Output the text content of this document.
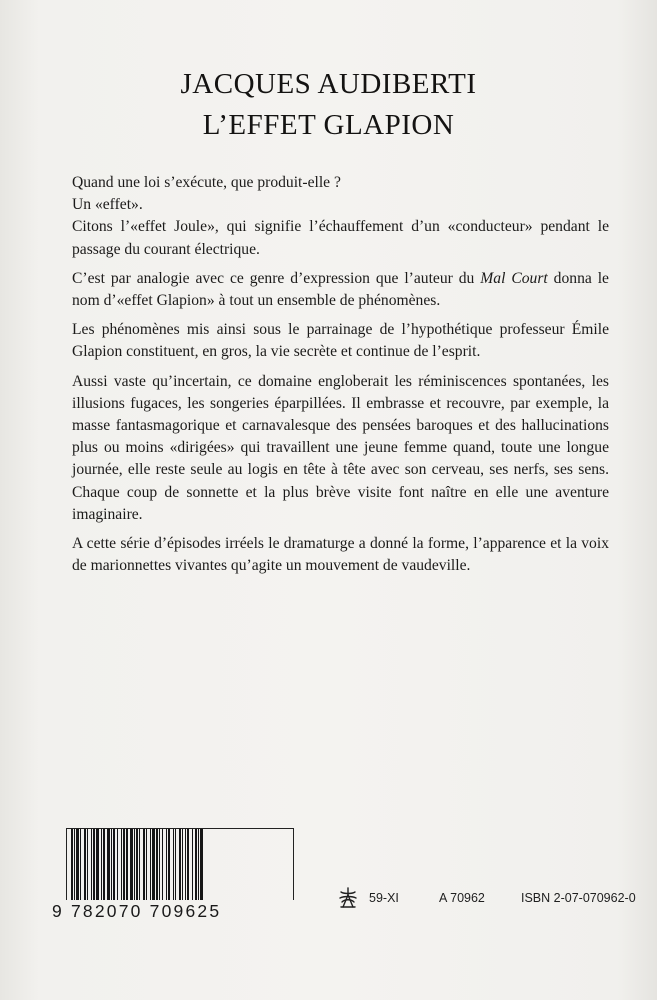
JACQUES AUDIBERTI
L’EFFET GLAPION

Quand une loi s’exécute, que produit-elle ?

Un «effet».

Citons l’«effet Joule», qui signifie l’échauffement d’un «conducteur» pendant le passage du courant électrique.

C’est par analogie avec ce genre d’expression que l’auteur du Mal Court donna le nom d’«effet Glapion» à tout un ensemble de phénomènes.

Les phénomènes mis ainsi sous le parrainage de l’hypothétique professeur Émile Glapion constituent, en gros, la vie secrète et continue de l’esprit.

Aussi vaste qu’incertain, ce domaine engloberait les réminiscences spontanées, les illusions fugaces, les songeries éparpillées. Il embrasse et recouvre, par exemple, la masse fantasmagorique et carnavalesque des pensées baroques et des hallucinations plus ou moins «dirigées» qui travaillent une jeune femme quand, toute une longue journée, elle reste seule au logis en tête à tête avec son cerveau, ses nerfs, ses sens. Chaque coup de sonnette et la plus brève visite font naître en elle une aventure imaginaire.

A cette série d’épisodes irréels le dramaturge a donné la forme, l’apparence et la voix de marionnettes vivantes qu’agite un mouvement de vaudeville.

9 782070 709625
59-XI	A 70962	ISBN 2-07-070962-0
